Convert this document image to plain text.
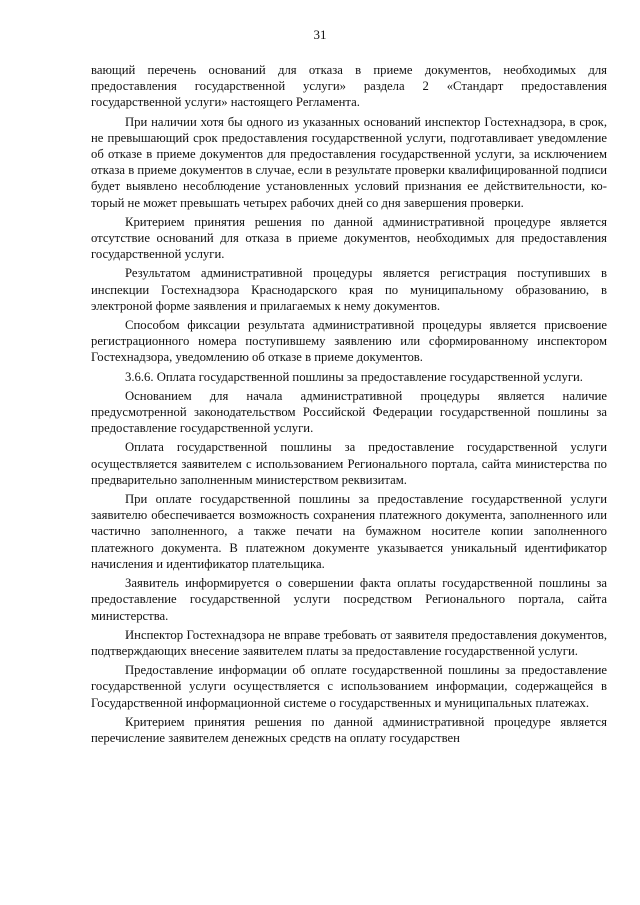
31

вающий перечень оснований для отказа в приеме документов, необходимых для предоставления государственной услуги» раздела 2 «Стандарт предоставления государственной услуги» настоящего Регламента.

При наличии хотя бы одного из указанных оснований инспектор Гостехнадзора, в срок, не превышающий срок предоставления государственной услуги, подготавливает уведомление об отказе в приеме документов для предоставления государственной услуги, за исключением отказа в приеме документов в случае, если в результате проверки квалифицированной подписи будет выявлено несоблюдение установленных условий признания ее действительности, который не может превышать четырех рабочих дней со дня завершения проверки.

Критерием принятия решения по данной административной процедуре является отсутствие оснований для отказа в приеме документов, необходимых для предоставления государственной услуги.

Результатом административной процедуры является регистрация поступивших в инспекции Гостехнадзора Краснодарского края по муниципальному образованию, в электроной форме заявления и прилагаемых к нему документов.

Способом фиксации результата административной процедуры является присвоение регистрационного номера поступившему заявлению или сформированному инспектором Гостехнадзора, уведомлению об отказе в приеме документов.

3.6.6. Оплата государственной пошлины за предоставление государственной услуги.

Основанием для начала административной процедуры является наличие предусмотренной законодательством Российской Федерации государственной пошлины за предоставление государственной услуги.

Оплата государственной пошлины за предоставление государственной услуги осуществляется заявителем с использованием Регионального портала, сайта министерства по предварительно заполненным министерством реквизитам.

При оплате государственной пошлины за предоставление государственной услуги заявителю обеспечивается возможность сохранения платежного документа, заполненного или частично заполненного, а также печати на бумажном носителе копии заполненного платежного документа. В платежном документе указывается уникальный идентификатор начисления и идентификатор плательщика.

Заявитель информируется о совершении факта оплаты государственной пошлины за предоставление государственной услуги посредством Регионального портала, сайта министерства.

Инспектор Гостехнадзора не вправе требовать от заявителя предоставления документов, подтверждающих внесение заявителем платы за предоставление государственной услуги.

Предоставление информации об оплате государственной пошлины за предоставление государственной услуги осуществляется с использованием информации, содержащейся в Государственной информационной системе о государственных и муниципальных платежах.

Критерием принятия решения по данной административной процедуре является перечисление заявителем денежных средств на оплату государствен
